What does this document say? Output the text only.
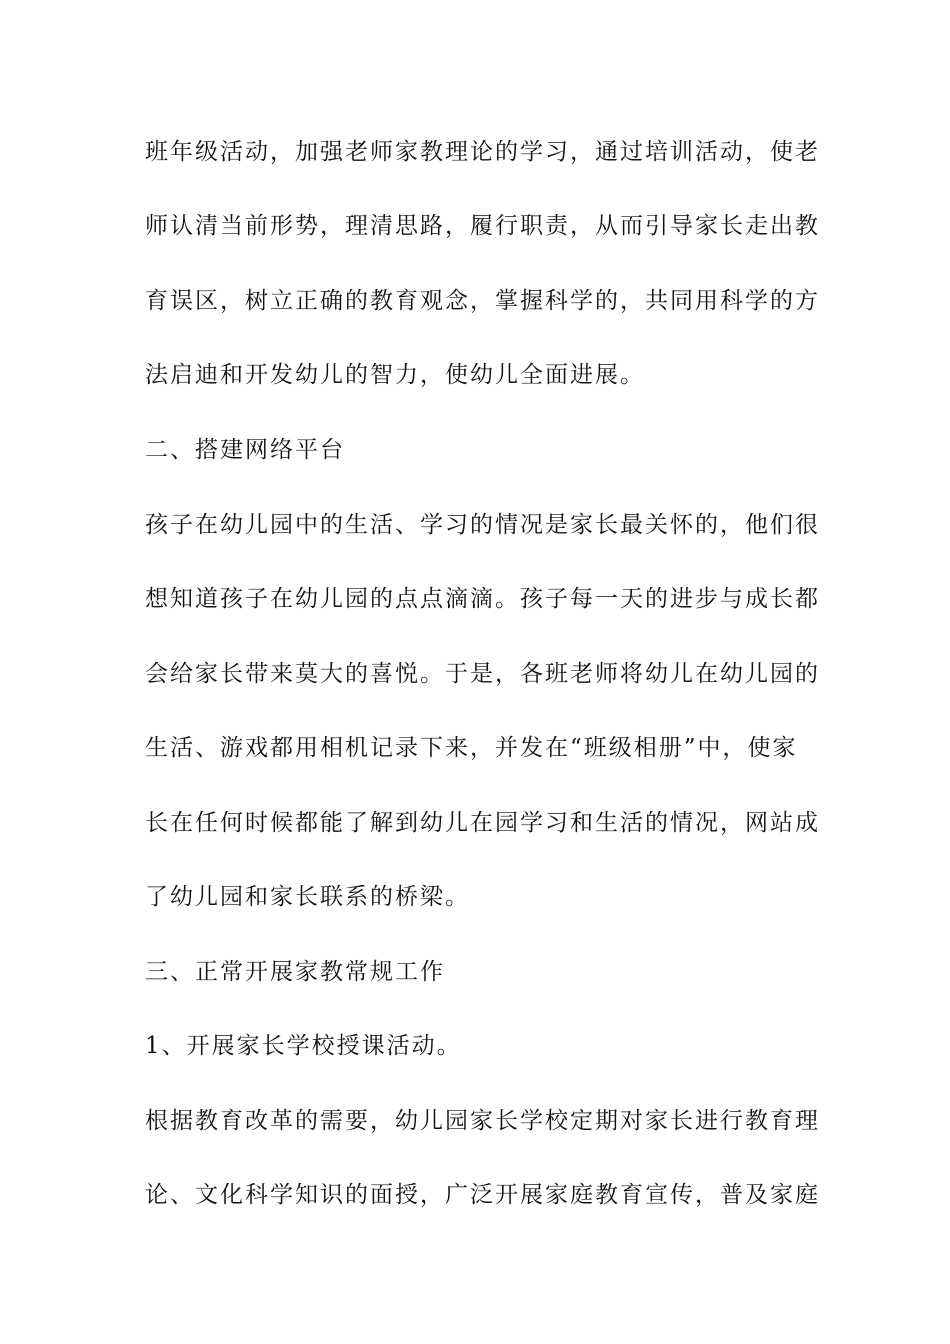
班年级活动，加强老师家教理论的学习，通过培训活动，使老
师认清当前形势，理清思路，履行职责，从而引导家长走出教
育误区，树立正确的教育观念，掌握科学的，共同用科学的方
法启迪和开发幼儿的智力，使幼儿全面进展。
二、搭建网络平台
孩子在幼儿园中的生活、学习的情况是家长最关怀的，他们很
想知道孩子在幼儿园的点点滴滴。孩子每一天的进步与成长都
会给家长带来莫大的喜悦。于是，各班老师将幼儿在幼儿园的
生活、游戏都用相机记录下来，并发在“班级相册”中，使家
长在任何时候都能了解到幼儿在园学习和生活的情况，网站成
了幼儿园和家长联系的桥梁。
三、正常开展家教常规工作
1、开展家长学校授课活动。
根据教育改革的需要，幼儿园家长学校定期对家长进行教育理
论、文化科学知识的面授，广泛开展家庭教育宣传，普及家庭
